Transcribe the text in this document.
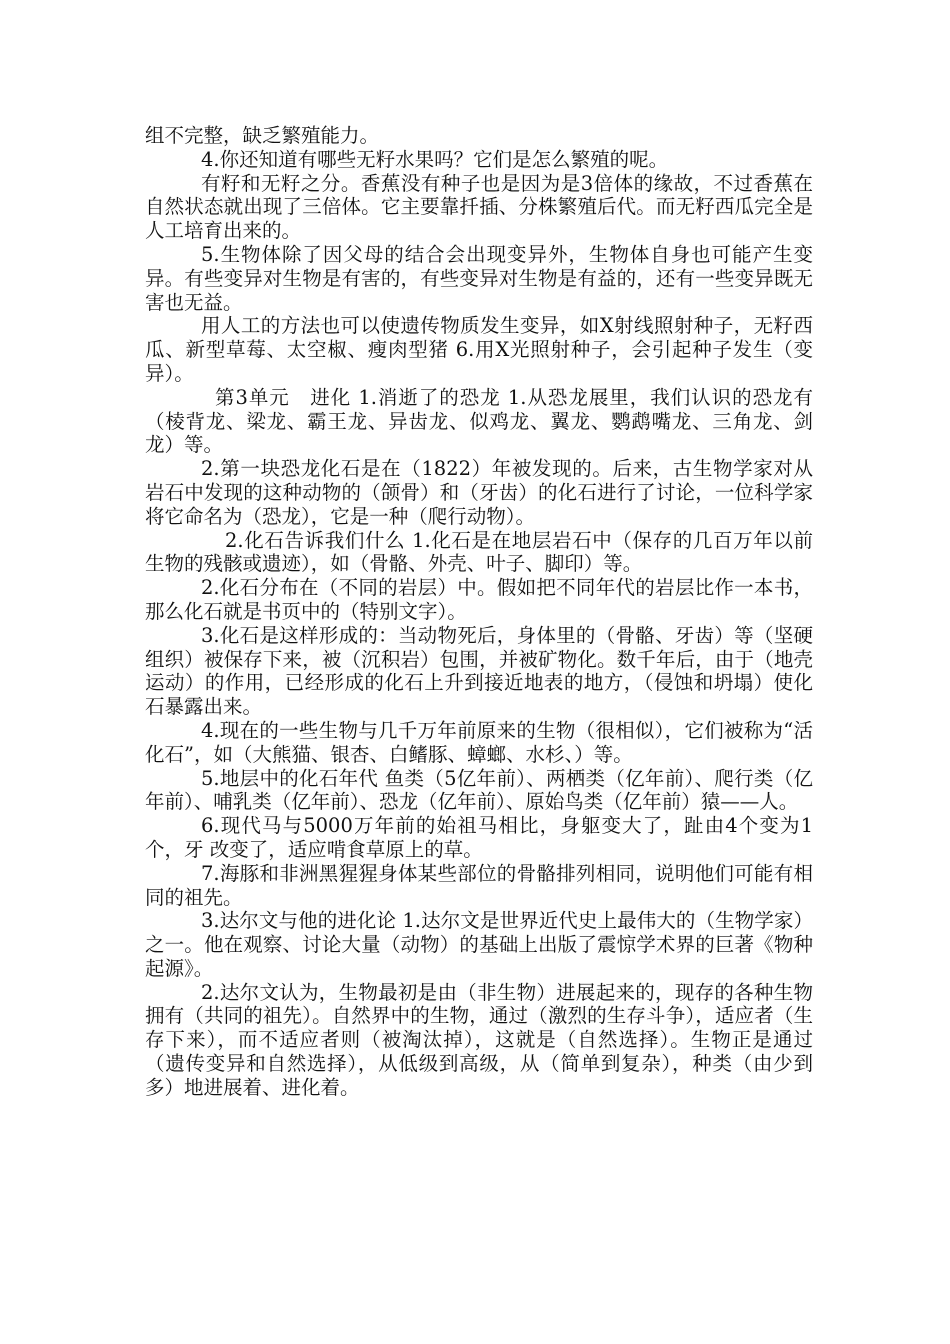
组不完整，缺乏繁殖能力。

4.你还知道有哪些无籽水果吗？它们是怎么繁殖的呢。

有籽和无籽之分。香蕉没有种子也是因为是3倍体的缘故，不过香蕉在自然状态就出现了三倍体。它主要靠扦插、分株繁殖后代。而无籽西瓜完全是人工培育出来的。

5.生物体除了因父母的结合会出现变异外，生物体自身也可能产生变异。有些变异对生物是有害的，有些变异对生物是有益的，还有一些变异既无害也无益。

用人工的方法也可以使遗传物质发生变异，如X射线照射种子，无籽西瓜、新型草莓、太空椒、瘦肉型猪 6.用X光照射种子，会引起种子发生（变异）。

第3单元　进化 1.消逝了的恐龙 1.从恐龙展里，我们认识的恐龙有（棱背龙、梁龙、霸王龙、异齿龙、似鸡龙、翼龙、鹦鹉嘴龙、三角龙、剑龙）等。

2.第一块恐龙化石是在（1822）年被发现的。后来，古生物学家对从岩石中发现的这种动物的（颌骨）和（牙齿）的化石进行了讨论，一位科学家将它命名为（恐龙），它是一种（爬行动物）。

2.化石告诉我们什么 1.化石是在地层岩石中（保存的几百万年以前生物的残骸或遗迹），如（骨骼、外壳、叶子、脚印）等。

2.化石分布在（不同的岩层）中。假如把不同年代的岩层比作一本书，那么化石就是书页中的（特别文字）。

3.化石是这样形成的：当动物死后，身体里的（骨骼、牙齿）等（坚硬组织）被保存下来，被（沉积岩）包围，并被矿物化。数千年后，由于（地壳运动）的作用，已经形成的化石上升到接近地表的地方，（侵蚀和坍塌）使化石暴露出来。

4.现在的一些生物与几千万年前原来的生物（很相似），它们被称为“活化石”，如（大熊猫、银杏、白鳍豚、蟑螂、水杉、）等。

5.地层中的化石年代 鱼类（5亿年前）、两栖类（亿年前）、爬行类（亿年前）、哺乳类（亿年前）、恐龙（亿年前）、原始鸟类（亿年前）猿——人。

6.现代马与5000万年前的始祖马相比，身躯变大了，趾由4个变为1个，牙 改变了，适应啃食草原上的草。

7.海豚和非洲黑猩猩身体某些部位的骨骼排列相同，说明他们可能有相同的祖先。

3.达尔文与他的进化论 1.达尔文是世界近代史上最伟大的（生物学家）之一。他在观察、讨论大量（动物）的基础上出版了震惊学术界的巨著《物种起源》。

2.达尔文认为，生物最初是由（非生物）进展起来的，现存的各种生物拥有（共同的祖先）。自然界中的生物，通过（激烈的生存斗争），适应者（生存下来），而不适应者则（被淘汰掉），这就是（自然选择）。生物正是通过（遗传变异和自然选择），从低级到高级，从（简单到复杂），种类（由少到多）地进展着、进化着。
